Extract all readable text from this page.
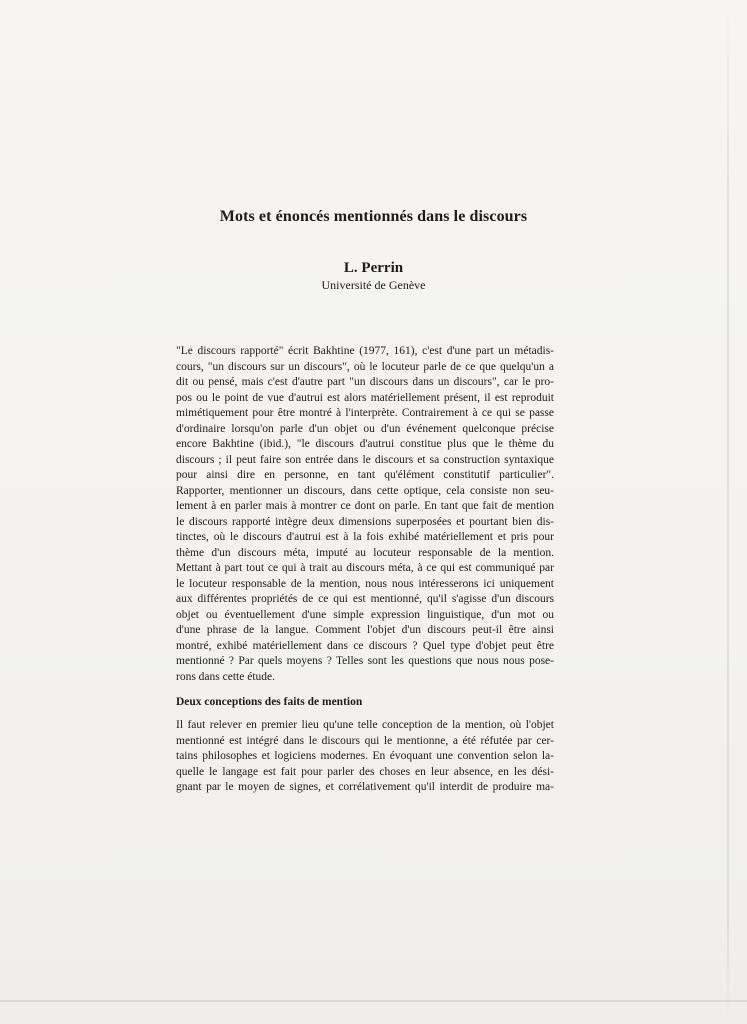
Mots et énoncés mentionnés dans le discours
L. Perrin
Université de Genève
"Le discours rapporté" écrit Bakhtine (1977, 161), c'est d'une part un métadis-
cours, "un discours sur un discours", où le locuteur parle de ce que quelqu'un a
dit ou pensé, mais c'est d'autre part "un discours dans un discours", car le pro-
pos ou le point de vue d'autrui est alors matériellement présent, il est reproduit
mimétiquement pour être montré à l'interprète. Contrairement à ce qui se passe
d'ordinaire lorsqu'on parle d'un objet ou d'un événement quelconque précise
encore Bakhtine (ibid.), "le discours d'autrui constitue plus que le thème du
discours ; il peut faire son entrée dans le discours et sa construction syntaxique
pour ainsi dire en personne, en tant qu'élément constitutif particulier".
Rapporter, mentionner un discours, dans cette optique, cela consiste non seu-
lement à en parler mais à montrer ce dont on parle. En tant que fait de mention
le discours rapporté intègre deux dimensions superposées et pourtant bien dis-
tinctes, où le discours d'autrui est à la fois exhibé matériellement et pris pour
thème d'un discours méta, imputé au locuteur responsable de la mention.
Mettant à part tout ce qui à trait au discours méta, à ce qui est communiqué par
le locuteur responsable de la mention, nous nous intéresserons ici uniquement
aux différentes propriétés de ce qui est mentionné, qu'il s'agisse d'un discours
objet ou éventuellement d'une simple expression linguistique, d'un mot ou
d'une phrase de la langue. Comment l'objet d'un discours peut-il être ainsi
montré, exhibé matériellement dans ce discours ? Quel type d'objet peut être
mentionné ? Par quels moyens ? Telles sont les questions que nous nous pose-
rons dans cette étude.
Deux conceptions des faits de mention
Il faut relever en premier lieu qu'une telle conception de la mention, où l'objet
mentionné est intégré dans le discours qui le mentionne, a été réfutée par cer-
tains philosophes et logiciens modernes. En évoquant une convention selon la-
quelle le langage est fait pour parler des choses en leur absence, en les dési-
gnant par le moyen de signes, et corrélativement qu'il interdit de produire ma-
